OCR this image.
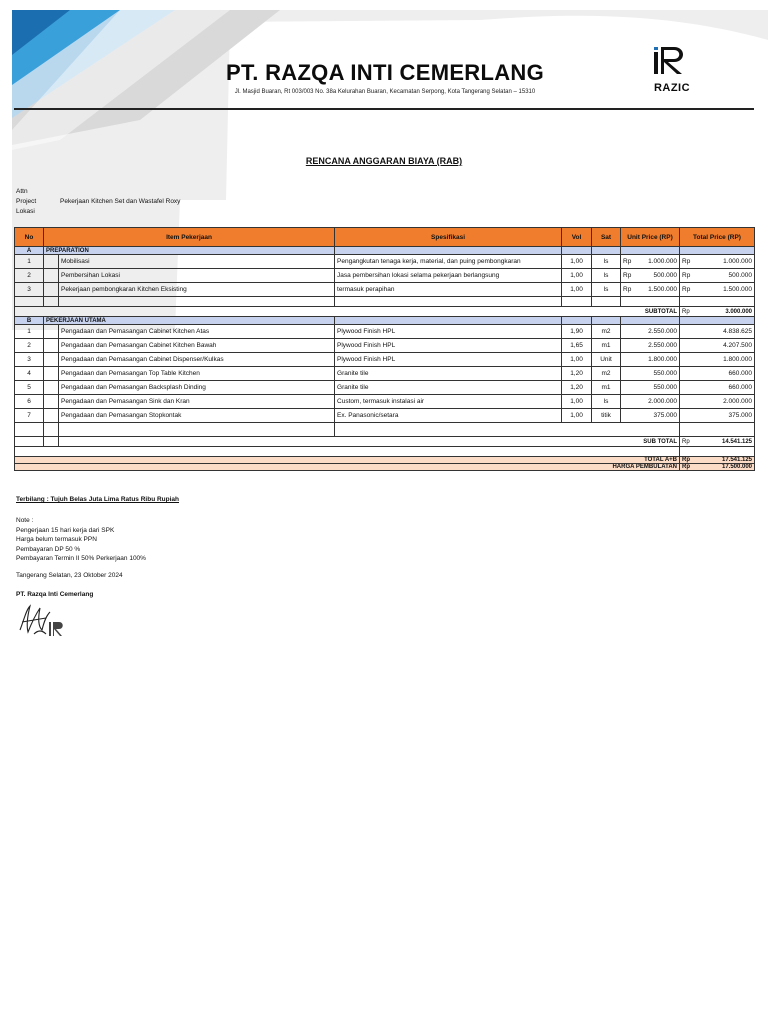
PT. RAZQA INTI CEMERLANG
Jl. Masjid Buaran, Rt 003/003 No. 38a Kelurahan Buaran, Kecamatan Serpong, Kota Tangerang Selatan – 15310	RAZIC
RENCANA ANGGARAN BIAYA (RAB)
Attn
Project	Pekerjaan Kitchen Set dan Wastafel Roxy
Lokasi
No	Item Pekerjaan		Spesifikasi	Vol	Sat	Unit Price (RP)	Total Price (RP)
A	PREPARATION						
1		Mobilisasi	Pengangkutan tenaga kerja, material, dan puing pembongkaran	1,00	ls	Rp 1.000.000	Rp 1.000.000

2		Pembersihan Lokasi	Jasa pembersihan lokasi selama pekerjaan berlangsung	1,00	ls	Rp 500.000	Rp 500.000

3		Pekerjaan pembongkaran Kitchen Eksisting	termasuk perapihan	1,00	ls	Rp 1.500.000	Rp 1.500.000

SUBTOTAL							Rp 3.000.000

B	PEKERJAAN UTAMA						
1		Pengadaan dan Pemasangan Cabinet Kitchen Atas	Plywood Finish HPL	1,90	m2	2.550.000	4.838.625

2		Pengadaan dan Pemasangan Cabinet Kitchen Bawah	Plywood Finish HPL	1,65	m1	2.550.000	4.207.500

3		Pengadaan dan Pemasangan Cabinet Dispenser/Kulkas	Plywood Finish HPL	1,00	Unit	1.800.000	1.800.000

4		Pengadaan dan Pemasangan Top Table Kitchen	Granite tile	1,20	m2	550.000	660.000

5		Pengadaan dan Pemasangan Backsplash Dinding	Granite tile	1,20	m1	550.000	660.000

6		Pengadaan dan Pemasangan Sink dan Kran	Custom, termasuk instalasi air	1,00	ls	2.000.000	2.000.000

7		Pengadaan dan Pemasangan Stopkontak	Ex. Panasonic/setara	1,00	titik	375.000	375.000

		SUB TOTAL					Rp 14.541.125

TOTAL A+B							Rp 17.541.125

HARGA PEMBULATAN							Rp 17.500.000
Terbilang : Tujuh Belas Juta Lima Ratus Ribu Rupiah
Note :
Pengerjaan 15 hari kerja dari SPK
Harga belum termasuk PPN
Pembayaran DP 50 %
Pembayaran Termin II 50% Perkerjaan 100%
Tangerang Selatan, 23 Oktober 2024
PT. Razqa Inti Cemerlang
